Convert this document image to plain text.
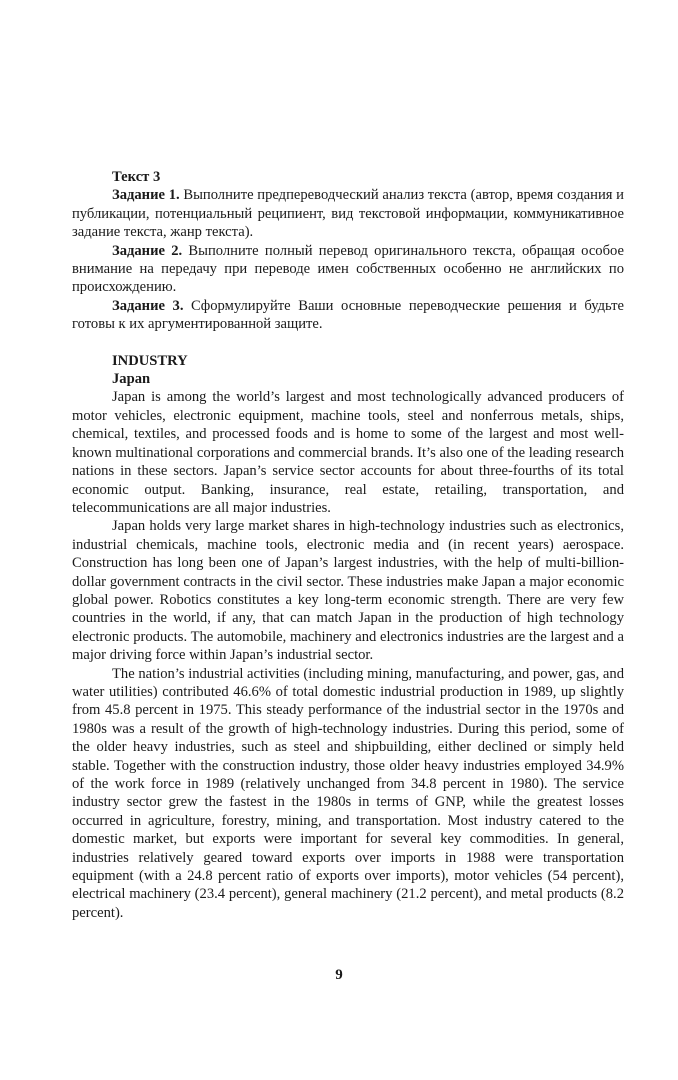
Текст 3

Задание 1. Выполните предпереводческий анализ текста (автор, время создания и публикации, потенциальный реципиент, вид текстовой информации, коммуникативное задание текста, жанр текста).

Задание 2. Выполните полный перевод оригинального текста, обращая особое внимание на передачу при переводе имен собственных особенно не английских по происхождению.

Задание 3. Сформулируйте Ваши основные переводческие решения и будьте готовы к их аргументированной защите.

INDUSTRY

Japan

Japan is among the world’s largest and most technologically advanced producers of motor vehicles, electronic equipment, machine tools, steel and nonferrous metals, ships, chemical, textiles, and processed foods and is home to some of the largest and most well-known multinational corporations and commercial brands. It’s also one of the leading research nations in these sectors. Japan’s service sector accounts for about three-fourths of its total economic output. Banking, insurance, real estate, retailing, transportation, and telecommunications are all major industries.

Japan holds very large market shares in high-technology industries such as electronics, industrial chemicals, machine tools, electronic media and (in recent years) aerospace. Construction has long been one of Japan’s largest industries, with the help of multi-billion-dollar government contracts in the civil sector. These industries make Japan a major economic global power. Robotics constitutes a key long-term economic strength. There are very few countries in the world, if any, that can match Japan in the production of high technology electronic products. The automobile, machinery and electronics industries are the largest and a major driving force within Japan’s industrial sector.

The nation’s industrial activities (including mining, manufacturing, and power, gas, and water utilities) contributed 46.6% of total domestic industrial production in 1989, up slightly from 45.8 percent in 1975. This steady performance of the industrial sector in the 1970s and 1980s was a result of the growth of high-technology industries. During this period, some of the older heavy industries, such as steel and shipbuilding, either declined or simply held stable. Together with the construction industry, those older heavy industries employed 34.9% of the work force in 1989 (relatively unchanged from 34.8 percent in 1980). The service industry sector grew the fastest in the 1980s in terms of GNP, while the greatest losses occurred in agriculture, forestry, mining, and transportation. Most industry catered to the domestic market, but exports were important for several key commodities. In general, industries relatively geared toward exports over imports in 1988 were transportation equipment (with a 24.8 percent ratio of exports over imports), motor vehicles (54 percent), electrical machinery (23.4 percent), general machinery (21.2 percent), and metal products (8.2 percent).

9
